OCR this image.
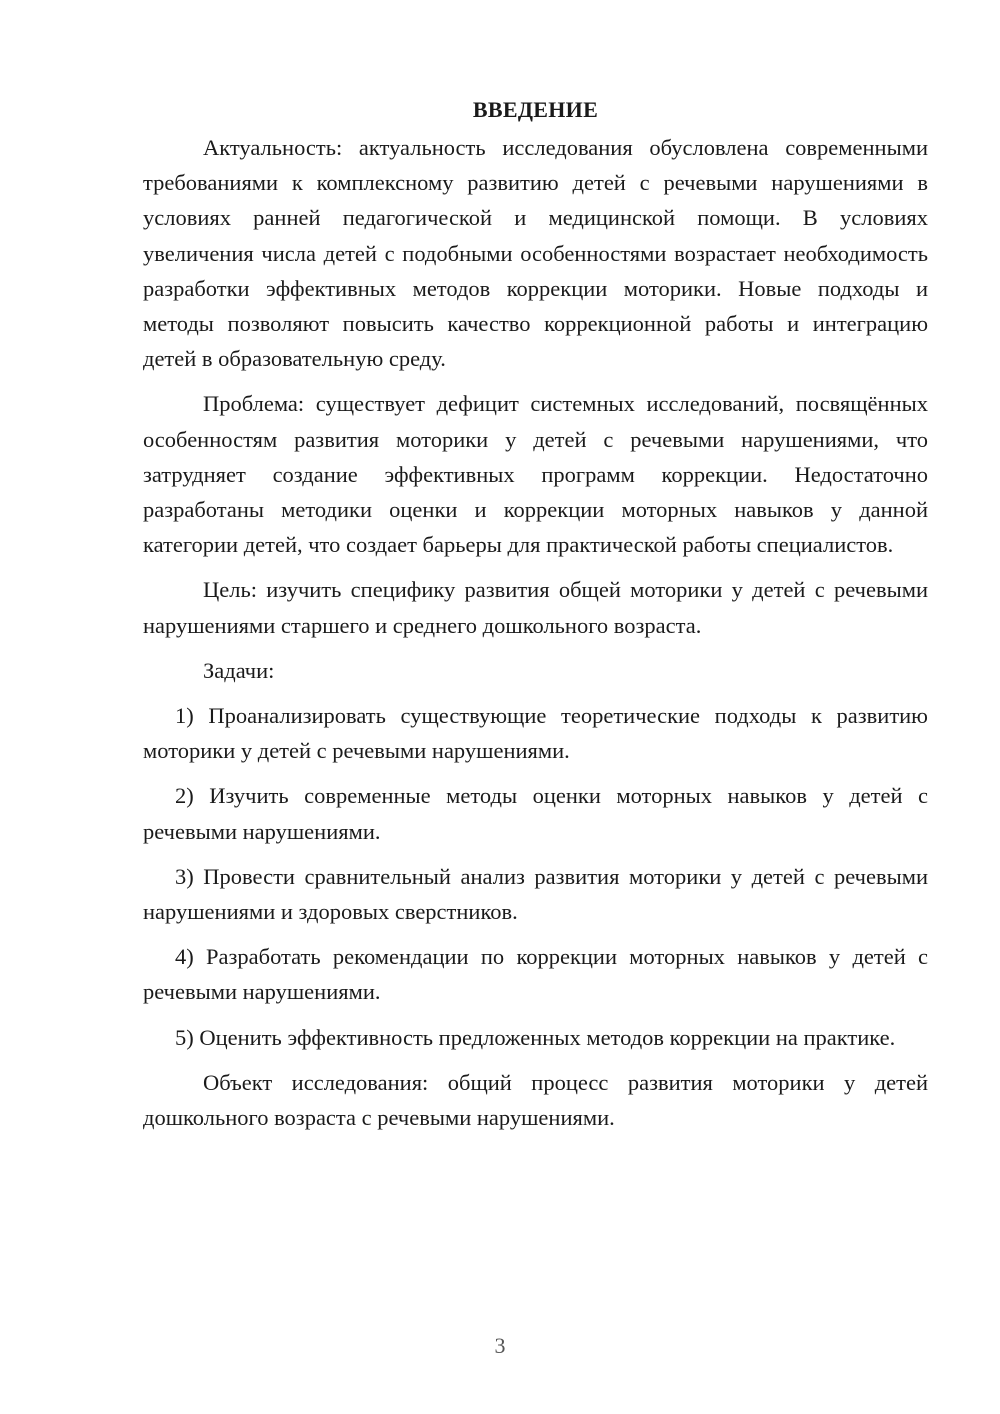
ВВЕДЕНИЕ

Актуальность: актуальность исследования обусловлена современными требованиями к комплексному развитию детей с речевыми нарушениями в условиях ранней педагогической и медицинской помощи. В условиях увеличения числа детей с подобными особенностями возрастает необходимость разработки эффективных методов коррекции моторики. Новые подходы и методы позволяют повысить качество коррекционной работы и интеграцию детей в образовательную среду.

Проблема: существует дефицит системных исследований, посвящённых особенностям развития моторики у детей с речевыми нарушениями, что затрудняет создание эффективных программ коррекции. Недостаточно разработаны методики оценки и коррекции моторных навыков у данной категории детей, что создает барьеры для практической работы специалистов.

Цель: изучить специфику развития общей моторики у детей с речевыми нарушениями старшего и среднего дошкольного возраста.

Задачи:

1) Проанализировать существующие теоретические подходы к развитию моторики у детей с речевыми нарушениями.

2) Изучить современные методы оценки моторных навыков у детей с речевыми нарушениями.

3) Провести сравнительный анализ развития моторики у детей с речевыми нарушениями и здоровых сверстников.

4) Разработать рекомендации по коррекции моторных навыков у детей с речевыми нарушениями.

5) Оценить эффективность предложенных методов коррекции на практике.

Объект исследования: общий процесс развития моторики у детей дошкольного возраста с речевыми нарушениями.

3
